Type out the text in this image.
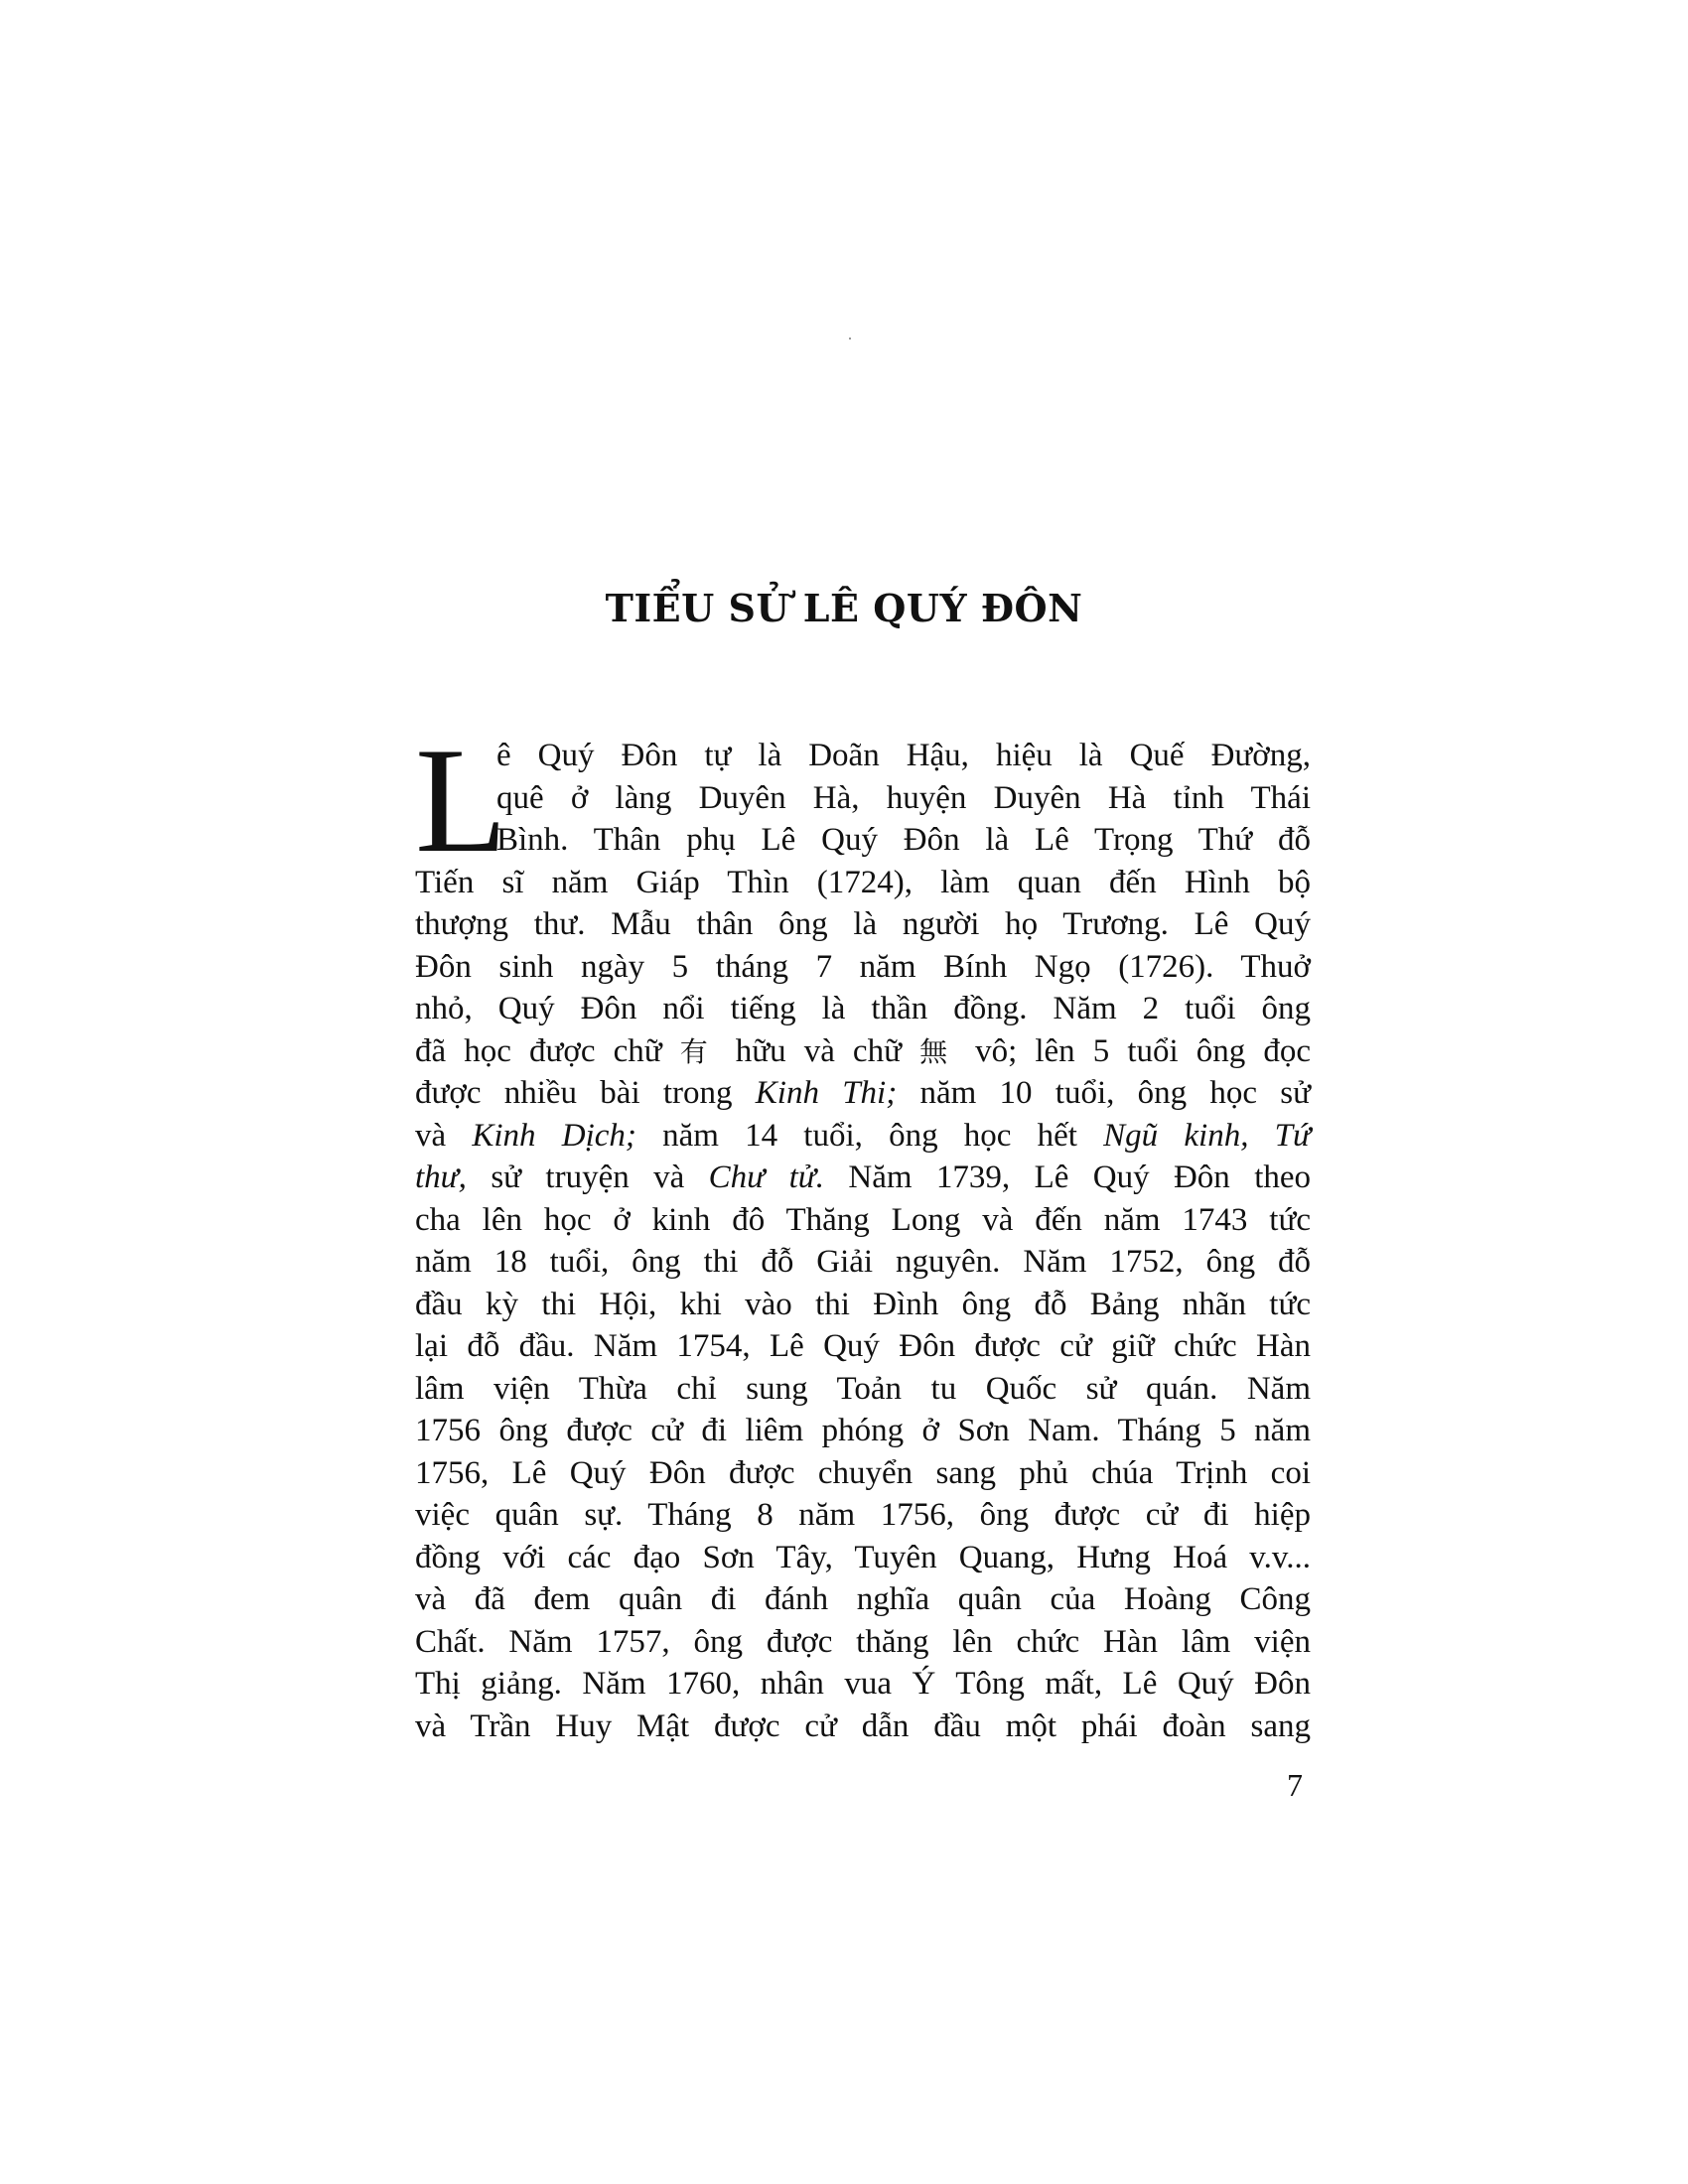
TIỂU SỬ LÊ QUÝ ĐÔN
L
ê Quý Đôn tự là Doãn Hậu, hiệu là Quế Đường,
quê ở làng Duyên Hà, huyện Duyên Hà tỉnh Thái
Bình. Thân phụ Lê Quý Đôn là Lê Trọng Thứ đỗ
Tiến sĩ năm Giáp Thìn (1724), làm quan đến Hình bộ
thượng thư. Mẫu thân ông là người họ Trương. Lê Quý
Đôn sinh ngày 5 tháng 7 năm Bính Ngọ (1726). Thuở
nhỏ, Quý Đôn nổi tiếng là thần đồng. Năm 2 tuổi ông
đã học được chữ 有 hữu và chữ 無 vô; lên 5 tuổi ông đọc
được nhiều bài trong Kinh Thi; năm 10 tuổi, ông học sử
và Kinh Dịch; năm 14 tuổi, ông học hết Ngũ kinh, Tứ
thư, sử truyện và Chư tử. Năm 1739, Lê Quý Đôn theo
cha lên học ở kinh đô Thăng Long và đến năm 1743 tức
năm 18 tuổi, ông thi đỗ Giải nguyên. Năm 1752, ông đỗ
đầu kỳ thi Hội, khi vào thi Đình ông đỗ Bảng nhãn tức
lại đỗ đầu. Năm 1754, Lê Quý Đôn được cử giữ chức Hàn
lâm viện Thừa chỉ sung Toản tu Quốc sử quán. Năm
1756 ông được cử đi liêm phóng ở Sơn Nam. Tháng 5 năm
1756, Lê Quý Đôn được chuyển sang phủ chúa Trịnh coi
việc quân sự. Tháng 8 năm 1756, ông được cử đi hiệp
đồng với các đạo Sơn Tây, Tuyên Quang, Hưng Hoá v.v...
và đã đem quân đi đánh nghĩa quân của Hoàng Công
Chất. Năm 1757, ông được thăng lên chức Hàn lâm viện
Thị giảng. Năm 1760, nhân vua Ý Tông mất, Lê Quý Đôn
và Trần Huy Mật được cử dẫn đầu một phái đoàn sang
7
